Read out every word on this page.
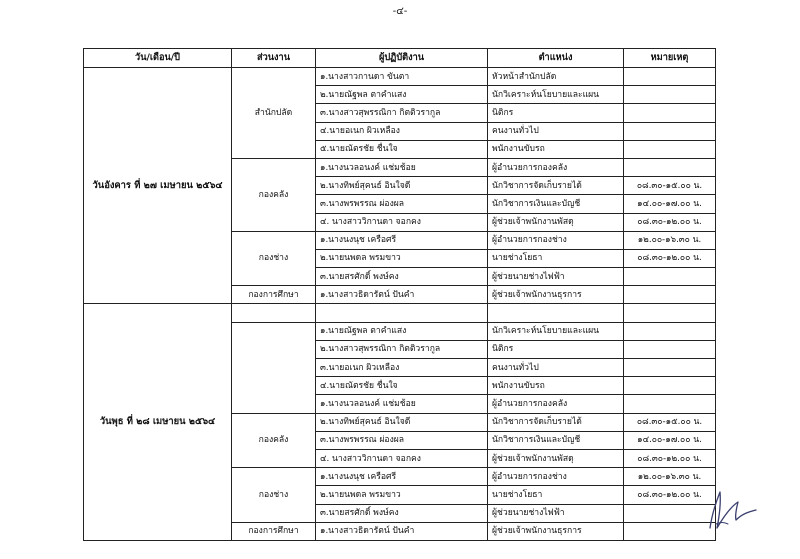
-๔-
วัน/เดือน/ปี	ส่วนงาน	ผู้ปฏิบัติงาน	ตำแหน่ง	หมายเหตุ
วันอังคาร ที่ ๒๗ เมษายน ๒๕๖๔	สำนักปลัด	๑.นางสาวกานดา ขันตา	หัวหน้าสำนักปลัด	
		๒.นายณัฐพล ตาคำแสง	นักวิเคราะห์นโยบายและแผน	
		๓.นางสาวสุพรรณิกา กิตติวรากูล	นิติกร	
		๔.นายอเนก ผิวเหลือง	คนงานทั่วไป	
		๕.นายณัตรชัย ชื่นใจ	พนักงานขับรถ	
	กองคลัง	๑.นางนวลอนงค์ แช่มช้อย	ผู้อำนวยการกองคลัง	
		๒.นางทิพย์สุคนธ์ อินใจดี	นักวิชาการจัดเก็บรายได้	๐๘.๓๐-๑๕.๐๐ น.
		๓.นางพรพรรณ ผ่องผล	นักวิชาการเงินและบัญชี	๑๔.๐๐-๑๗.๐๐ น.
		๔. นางสาววิกานดา จอกคง	ผู้ช่วยเจ้าพนักงานพัสดุ	๐๘.๓๐-๑๒.๐๐ น.
	กองช่าง	๑.นางนงนุช เครือศรี	ผู้อำนวยการกองช่าง	๑๒.๐๐-๑๖.๓๐ น.
		๒.นายนพดล พรมขาว	นายช่างโยธา	๐๘.๓๐-๑๒.๐๐ น.
		๓.นายสรศักดิ์ พงษ์คง	ผู้ช่วยนายช่างไฟฟ้า	
	กองการศึกษา	๑.นางสาวธิดารัตน์ ปันคำ	ผู้ช่วยเจ้าพนักงานธุรการ	
วันพุธ ที่ ๒๘ เมษายน ๒๕๖๔				
		๑.นายณัฐพล ตาคำแสง	นักวิเคราะห์นโยบายและแผน	
		๒.นางสาวสุพรรณิกา กิตติวรากูล	นิติกร	
		๓.นายอเนก ผิวเหลือง	คนงานทั่วไป	
		๔.นายณัตรชัย ชื่นใจ	พนักงานขับรถ	
		๑.นางนวลอนงค์ แช่มช้อย	ผู้อำนวยการกองคลัง	
	กองคลัง	๒.นางทิพย์สุคนธ์ อินใจดี	นักวิชาการจัดเก็บรายได้	๐๘.๓๐-๑๕.๐๐ น.
		๓.นางพรพรรณ ผ่องผล	นักวิชาการเงินและบัญชี	๑๔.๐๐-๑๗.๐๐ น.
		๔. นางสาววิกานดา จอกคง	ผู้ช่วยเจ้าพนักงานพัสดุ	๐๘.๓๐-๑๒.๐๐ น.
	กองช่าง	๑.นางนงนุช เครือศรี	ผู้อำนวยการกองช่าง	๑๒.๐๐-๑๖.๓๐ น.
		๒.นายนพดล พรมขาว	นายช่างโยธา	๐๘.๓๐-๑๒.๐๐ น.
		๓.นายสรศักดิ์ พงษ์คง	ผู้ช่วยนายช่างไฟฟ้า	
	กองการศึกษา	๑.นางสาวธิดารัตน์ ปันคำ	ผู้ช่วยเจ้าพนักงานธุรการ	
